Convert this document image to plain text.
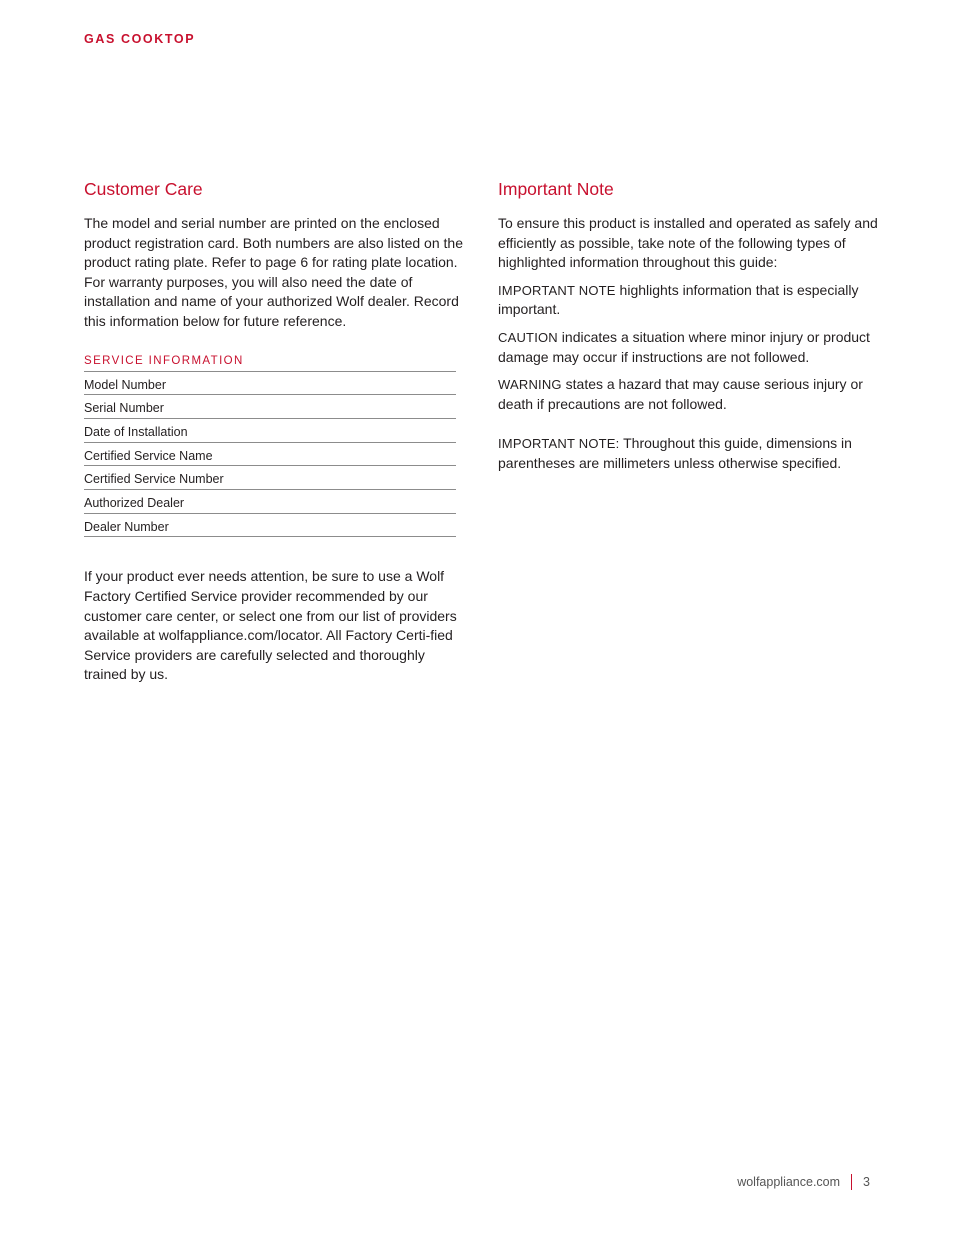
GAS COOKTOP
Customer Care

The model and serial number are printed on the enclosed product registration card. Both numbers are also listed on the product rating plate. Refer to page 6 for rating plate location. For warranty purposes, you will also need the date of installation and name of your authorized Wolf dealer. Record this information below for future reference.

SERVICE INFORMATION
Model Number
Serial Number
Date of Installation
Certified Service Name
Certified Service Number
Authorized Dealer
Dealer Number

If your product ever needs attention, be sure to use a Wolf Factory Certified Service provider recommended by our customer care center, or select one from our list of providers available at wolfappliance.com/locator. All Factory Certi-fied Service providers are carefully selected and thoroughly trained by us.

Important Note

To ensure this product is installed and operated as safely and efficiently as possible, take note of the following types of highlighted information throughout this guide:

IMPORTANT NOTE highlights information that is especially important.

CAUTION indicates a situation where minor injury or product damage may occur if instructions are not followed.

WARNING states a hazard that may cause serious injury or death if precautions are not followed.

IMPORTANT NOTE: Throughout this guide, dimensions in parentheses are millimeters unless otherwise specified.

wolfappliance.com 3
